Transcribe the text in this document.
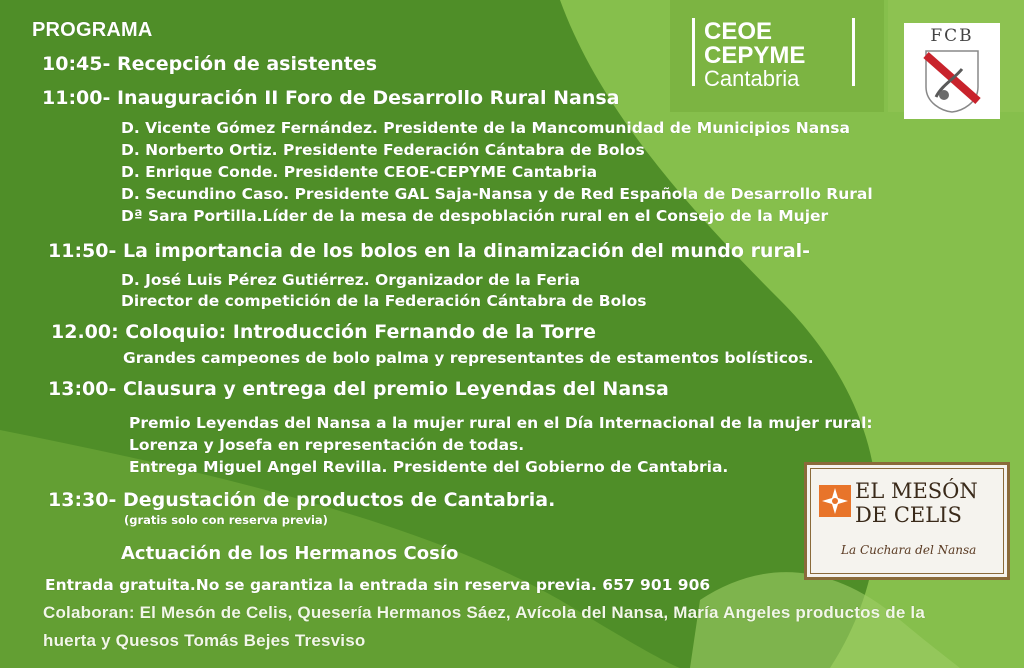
PROGRAMA
10:45- Recepción de asistentes
11:00- Inauguración II Foro de Desarrollo Rural Nansa
D. Vicente Gómez Fernández. Presidente de la Mancomunidad de Municipios Nansa
D. Norberto Ortiz. Presidente Federación Cántabra de Bolos
D. Enrique Conde. Presidente CEOE-CEPYME Cantabria
D. Secundino Caso. Presidente GAL Saja-Nansa y de Red Española de Desarrollo Rural
Dª Sara Portilla.Líder de la mesa de despoblación rural en el Consejo de la Mujer
11:50- La importancia de los bolos en la dinamización del mundo rural-
D. José Luis Pérez Gutiérrez. Organizador de la Feria
Director de competición de la Federación Cántabra de Bolos
12.00: Coloquio: Introducción Fernando de la Torre
Grandes campeones de bolo palma y representantes de estamentos bolísticos.
13:00- Clausura y entrega del premio Leyendas del Nansa
Premio Leyendas del Nansa a la mujer rural en el Día Internacional de la mujer rural:
Lorenza y Josefa en representación de todas.
Entrega Miguel Angel Revilla. Presidente del Gobierno de Cantabria.
13:30- Degustación de productos de Cantabria.
(gratis solo con reserva previa)
Actuación de los Hermanos Cosío
Entrada gratuita.No se garantiza la entrada sin reserva previa. 657 901 906
Colaboran: El Mesón de Celis, Quesería Hermanos Sáez, Avícola del Nansa, María Angeles productos de la
huerta y Quesos Tomás Bejes Tresviso
CEOE
CEPYME
Cantabria
FCB
EL MESÓN
DE CELIS
La Cuchara del Nansa
